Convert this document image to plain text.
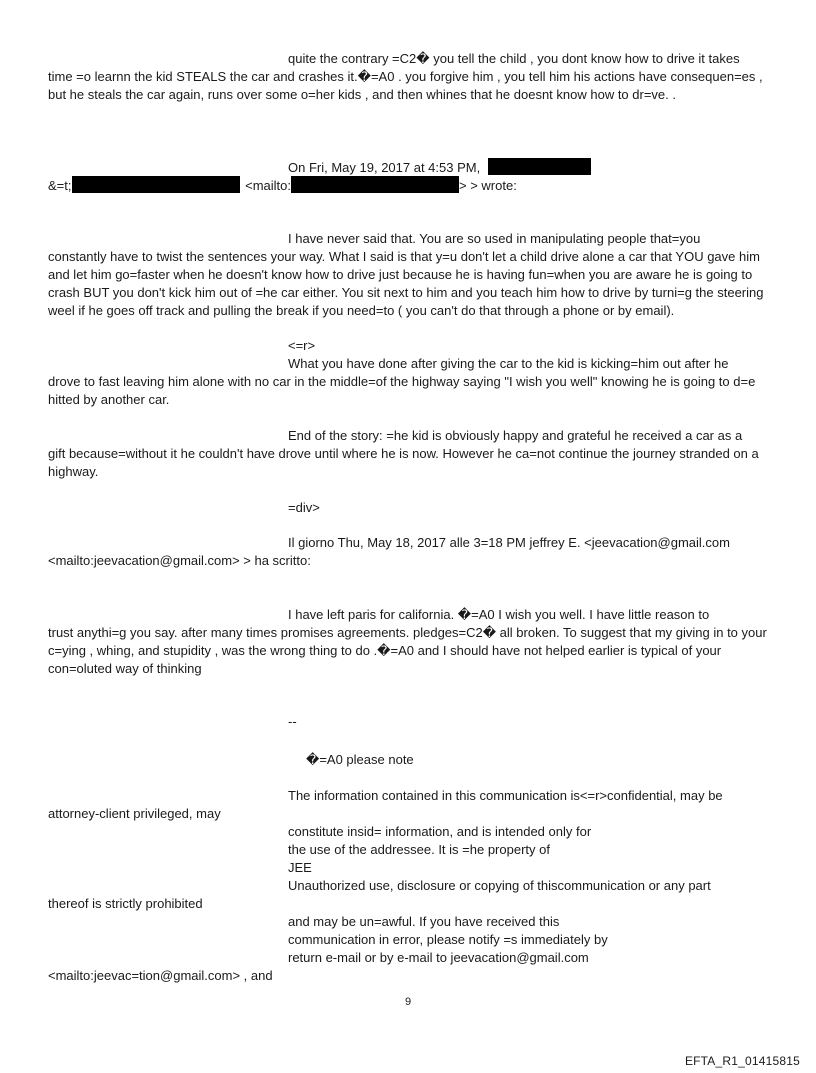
quite the contrary =C2� you tell the child , you dont know how to drive it takes
time =o learnn the kid STEALS the car and crashes it.�=A0 . you forgive him , you tell him his actions have consequen=es , but he steals the car again, runs over some o=her kids , and then whines that he doesnt know how to dr=ve. .
On Fri, May 19, 2017 at 4:53 PM,
&=t;	<mailto:	> > wrote:
I have never said that. You are so used in manipulating people that=you
constantly have to twist the sentences your way. What I said is that y=u don't let a child drive alone a car that YOU gave him and let him go=faster when he doesn't know how to drive just because he is having fun=when you are aware he is going to crash BUT you don't kick him out of =he car either. You sit next to him and you teach him how to drive by turni=g the steering weel if he goes off track and pulling the break if you need=to ( you can't do that through a phone or by email).
<=r>
What you have done after giving the car to the kid is kicking=him out after he
drove to fast leaving him alone with no car in the middle=of the highway saying "I wish you well" knowing he is going to d=e hitted by another car.
End of the story: =he kid is obviously happy and grateful he received a car as a
gift because=without it he couldn't have drove until where he is now. However he ca=not continue the journey stranded on a highway.
=div>
Il giorno Thu, May 18, 2017 alle 3=18 PM jeffrey E. <jeevacation@gmail.com
<mailto:jeevacation@gmail.com> > ha scritto:
I have left paris for california. �=A0 I wish you well. I have little reason to
trust anythi=g you say. after many times promises agreements. pledges=C2� all broken. To suggest that my giving in to your c=ying , whing, and stupidity , was the wrong thing to do .�=A0 and I should have not helped earlier is typical of your con=oluted way of thinking
--
�=A0 please note
The information contained in this communication is<=r>confidential, may be
attorney-client privileged, may
constitute insid= information, and is intended only for
the use of the addressee. It is =he property of
JEE
Unauthorized use, disclosure or copying of thiscommunication or any part
thereof is strictly prohibited
and may be un=awful. If you have received this
communication in error, please notify =s immediately by
return e-mail or by e-mail to jeevacation@gmail.com
<mailto:jeevac=tion@gmail.com> , and
9
EFTA_R1_01415815
